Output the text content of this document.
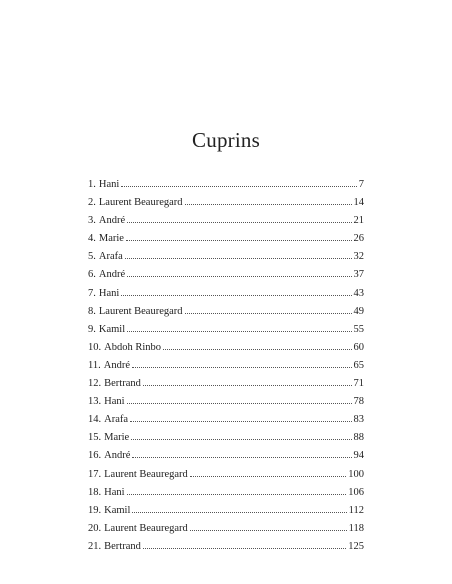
Cuprins
1. Hani	7
2. Laurent Beauregard	14
3. André	21
4. Marie	26
5. Arafa	32
6. André	37
7. Hani	43
8. Laurent Beauregard	49
9. Kamil	55
10. Abdoh Rinbo	60
11. André	65
12. Bertrand	71
13. Hani	78
14. Arafa	83
15. Marie	88
16. André	94
17. Laurent Beauregard	100
18. Hani	106
19. Kamil	112
20. Laurent Beauregard	118
21. Bertrand	125
